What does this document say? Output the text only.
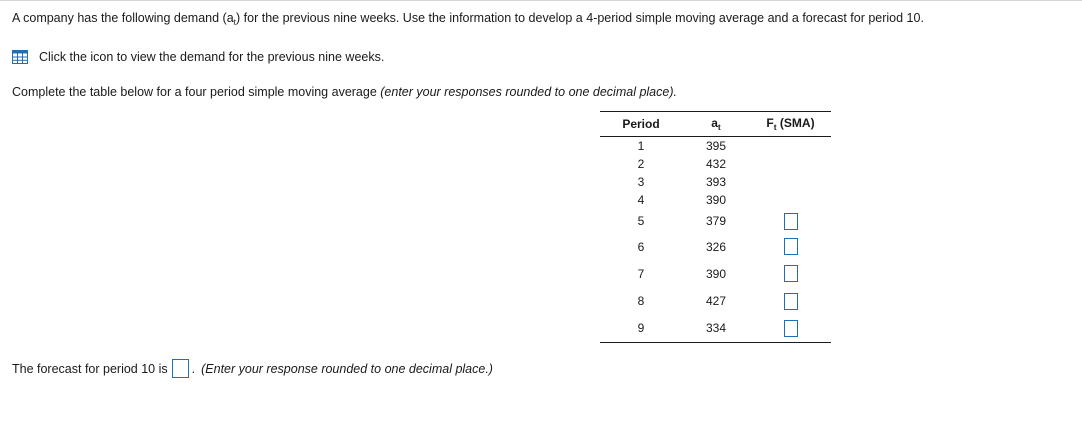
A company has the following demand $(a_t)$ for the previous nine weeks. Use the information to develop a 4-period simple moving average and a forecast for period 10.
Click the icon to view the demand for the previous nine weeks.
Complete the table below for a four period simple moving average (enter your responses rounded to one decimal place).
Period	$a_t$	$F_t$ (SMA)
1	395	
2	432	
3	393	
4	390	
5	379	
6	326	
7	390	
8	427	
9	334	
The forecast for period 10 is . (Enter your response rounded to one decimal place.)
